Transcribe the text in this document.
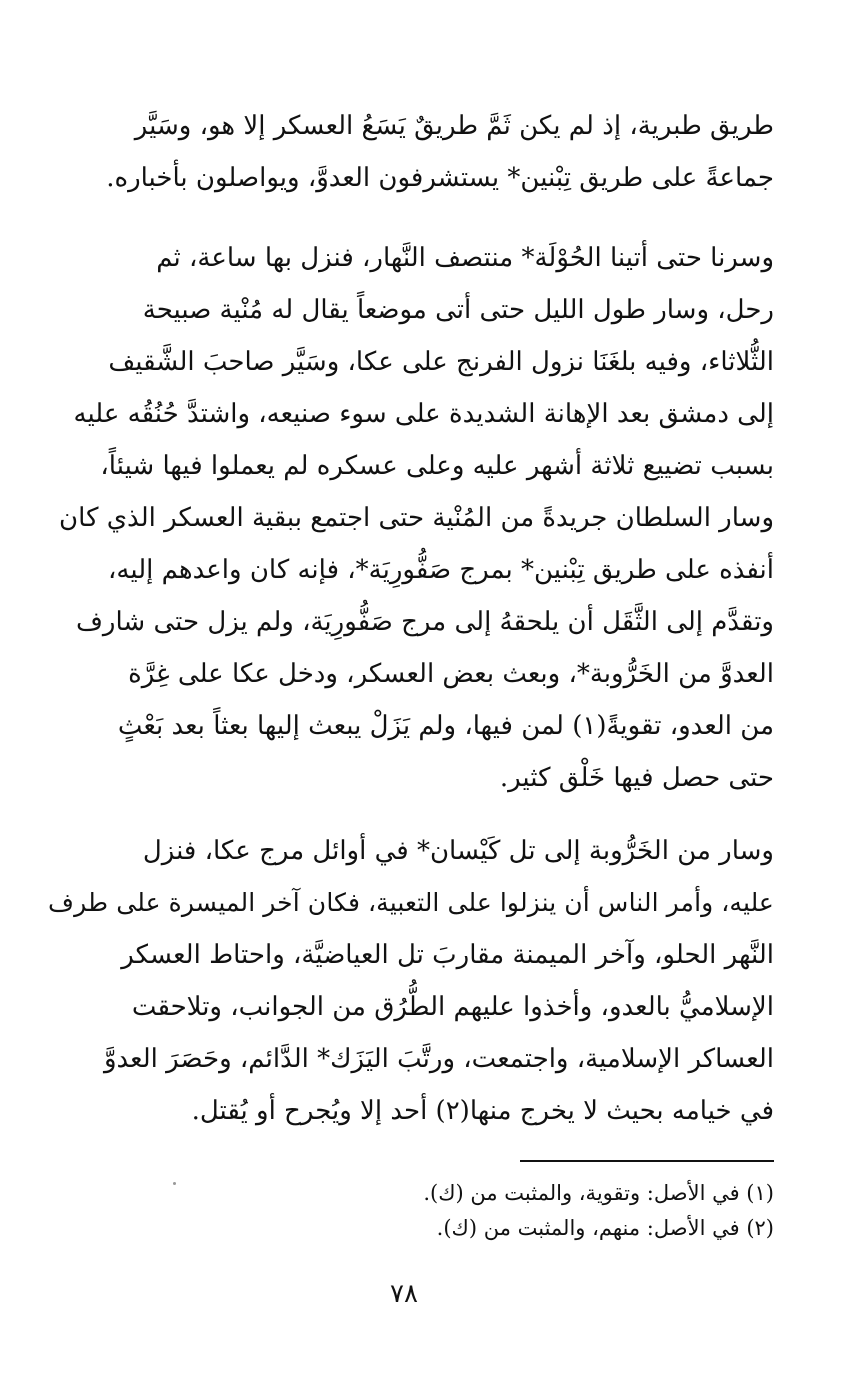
طريق طبرية، إذ لم يكن ثَمَّ طريقٌ يَسَعُ العسكر إلا هو، وسَيَّر

جماعةً على طريق تِبْنين* يستشرفون العدوَّ، ويواصلون بأخباره.

وسرنا حتى أتينا الحُوْلَة* منتصف النَّهار، فنزل بها ساعة، ثم

رحل، وسار طول الليل حتى أتى موضعاً يقال له مُنْية صبيحة

الثُّلاثاء، وفيه بلغَنَا نزول الفرنج على عكا، وسَيَّر صاحبَ الشَّقيف

إلى دمشق بعد الإهانة الشديدة على سوء صنيعه، واشتدَّ حُنُقُه عليه

بسبب تضييع ثلاثة أشهر عليه وعلى عسكره لم يعملوا فيها شيئاً،

وسار السلطان جريدةً من المُنْية حتى اجتمع ببقية العسكر الذي كان

أنفذه على طريق تِبْنين* بمرج صَفُّورِيَة*، فإنه كان واعدهم إليه،

وتقدَّم إلى الثَّقَل أن يلحقهُ إلى مرج صَفُّورِيَة، ولم يزل حتى شارف

العدوَّ من الخَرُّوبة*، وبعث بعض العسكر، ودخل عكا على غِرَّة

من العدو، تقويةً(١) لمن فيها، ولم يَزَلْ يبعث إليها بعثاً بعد بَعْثٍ

حتى حصل فيها خَلْق كثير.

وسار من الخَرُّوبة إلى تل كَيْسان* في أوائل مرج عكا، فنزل

عليه، وأمر الناس أن ينزلوا على التعبية، فكان آخر الميسرة على طرف

النَّهر الحلو، وآخر الميمنة مقاربَ تل العياضيَّة، واحتاط العسكر

الإسلاميُّ بالعدو، وأخذوا عليهم الطُّرُق من الجوانب، وتلاحقت

العساكر الإسلامية، واجتمعت، ورتَّبَ اليَزَك* الدَّائم، وحَصَرَ العدوَّ

في خيامه بحيث لا يخرج منها(٢) أحد إلا ويُجرح أو يُقتل.

(١) في الأصل: وتقوية، والمثبت من (ك).

(٢) في الأصل: منهم، والمثبت من (ك).

٧٨
